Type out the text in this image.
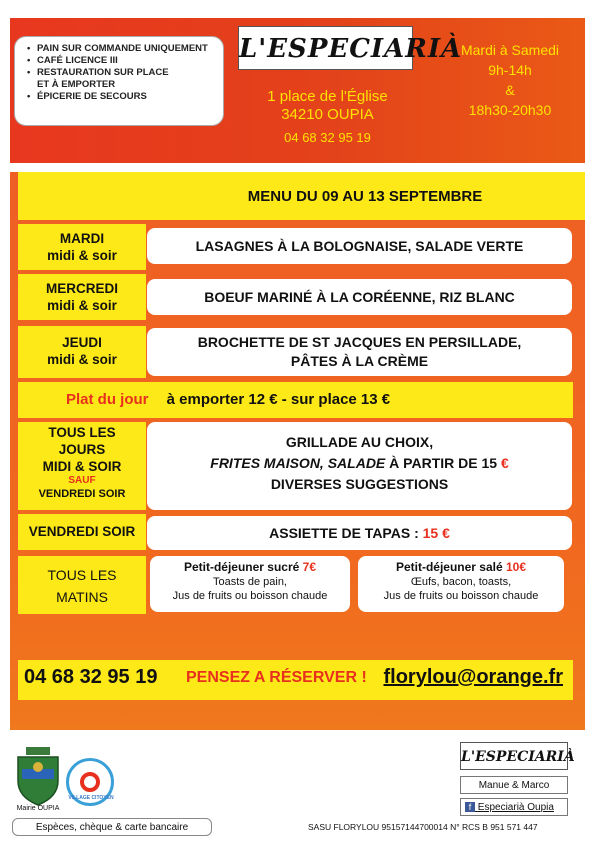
• PAIN SUR COMMANDE UNIQUEMENT
• CAFÉ LICENCE III
• RESTAURATION SUR PLACE
ET À EMPORTER
• ÉPICERIE DE SECOURS
L'ESPECIARIÀ
1 place de l'Église
34210 OUPIA
04 68 32 95 19
Mardi à Samedi
9h-14h
&
18h30-20h30
MENU DU 09 AU 13 SEPTEMBRE
MARDI
midi & soir
LASAGNES À LA BOLOGNAISE, SALADE VERTE
MERCREDI
midi & soir
BOEUF MARINÉ À LA CORÉENNE, RIZ BLANC
JEUDI
midi & soir
BROCHETTE DE ST JACQUES EN PERSILLADE,
PÂTES À LA CRÈME
Plat du jour à emporter 12 € - sur place 13 €
TOUS LES
JOURS
MIDI & SOIR
SAUF
VENDREDI SOIR
GRILLADE AU CHOIX,
FRITES MAISON, SALADE À PARTIR DE 15 €
DIVERSES SUGGESTIONS
VENDREDI SOIR	ASSIETTE DE TAPAS : 15 €
TOUS LES
MATINS
Petit-déjeuner sucré 7€
Toasts de pain,
Jus de fruits ou boisson chaude
Petit-déjeuner salé 10€
Œufs, bacon, toasts,
Jus de fruits ou boisson chaude
04 68 32 95 19 PENSEZ A RÉSERVER ! florylou@orange.fr
Mairie OUPIA
VILLAGE CITOYEN
L'ESPECIARIÀ
Manue & Marco
f Especiarià Oupia
Espèces, chèque & carte bancaire	SASU FLORYLOU 95157144700014 N° RCS B 951 571 447
